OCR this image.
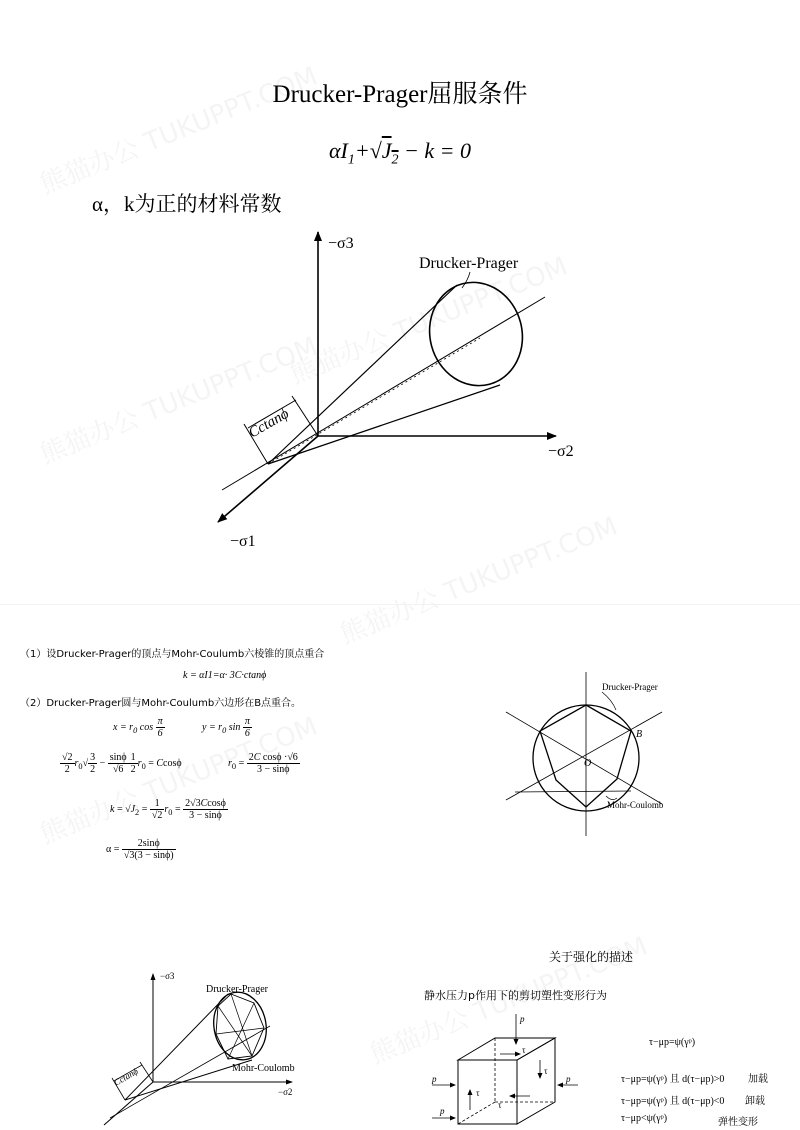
Drucker-Prager屈服条件
$\alpha I_1+√J_2 - k = 0$
α，k为正的材料常数
Drucker-Prager
−σ3
−σ2
−σ1
Cctanϕ
（1）设Drucker-Prager的顶点与Mohr-Coulumb六棱锥的顶点重合
k = αI1=α· 3C·ctanϕ
（2）Drucker-Prager圆与Mohr-Coulumb六边形在B点重合。
$x = r_0$ $\cos \frac{\pi}{6}$	$y = r_0$ $\sin \frac{\pi}{6}$
$\frac{√2}{2} r_0√ \frac{3}{2} - \frac{\sin\phi}{√6} \frac{1}{2} r_0 = Ccos\phi$	$r_0 = \frac{\text{2C cosϕ ·√6}}{3 - \sin\phi}$
$k = √J_2 = \frac{1}{√2} r_0 = \frac{2√3Ccos\phi}{3 - \sin\phi}$
$\alpha = \frac{2\sin\phi}{√3(3 - \sin\phi)}$
Drucker-Prager
Mohr-Coulomb
B
O
−σ3
−σ2
Drucker-Prager
Mohr-Coulomb
Cctanϕ
关于强化的描述
静水压力p作用下的剪切塑性变形行为
p
p	p
p
τ
τ
τ
τ
τ−μp=ψ(γᵖ)
τ−μp=ψ(γᵖ) 且 d(τ−μp)>0 加载
τ−μp=ψ(γᵖ) 且 d(τ−μp)<0 卸载
τ−μp<ψ(γᵖ)	弹性变形
